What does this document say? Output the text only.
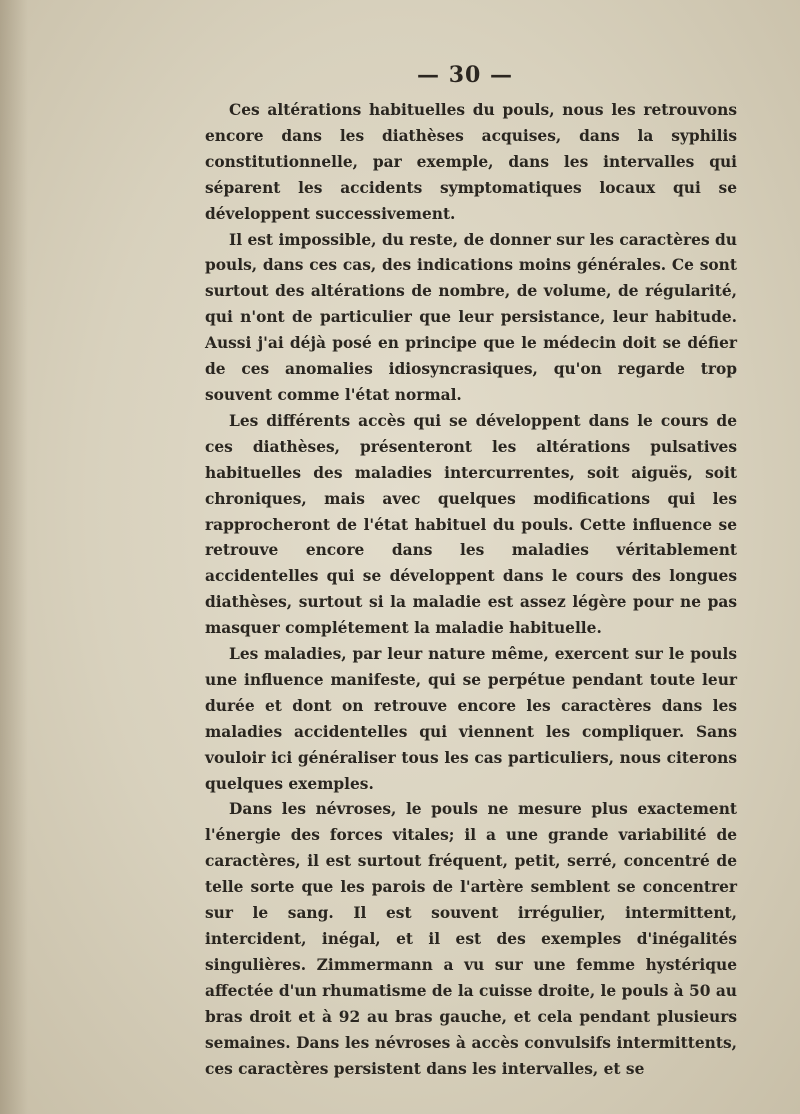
— 30 —

Ces altérations habituelles du pouls, nous les retrouvons encore dans les diathèses acquises, dans la syphilis constitutionnelle, par exemple, dans les intervalles qui séparent les accidents symptomatiques locaux qui se développent successivement.

Il est impossible, du reste, de donner sur les caractères du pouls, dans ces cas, des indications moins générales. Ce sont surtout des altérations de nombre, de volume, de régularité, qui n'ont de particulier que leur persistance, leur habitude. Aussi j'ai déjà posé en principe que le médecin doit se défier de ces anomalies idiosyncrasiques, qu'on regarde trop souvent comme l'état normal.

Les différents accès qui se développent dans le cours de ces diathèses, présenteront les altérations pulsatives habituelles des maladies intercurrentes, soit aiguës, soit chroniques, mais avec quelques modifications qui les rapprocheront de l'état habituel du pouls. Cette influence se retrouve encore dans les maladies véritablement accidentelles qui se développent dans le cours des longues diathèses, surtout si la maladie est assez légère pour ne pas masquer complétement la maladie habituelle.

Les maladies, par leur nature même, exercent sur le pouls une influence manifeste, qui se perpétue pendant toute leur durée et dont on retrouve encore les caractères dans les maladies accidentelles qui viennent les compliquer. Sans vouloir ici généraliser tous les cas particuliers, nous citerons quelques exemples.

Dans les névroses, le pouls ne mesure plus exactement l'énergie des forces vitales; il a une grande variabilité de caractères, il est surtout fréquent, petit, serré, concentré de telle sorte que les parois de l'artère semblent se concentrer sur le sang. Il est souvent irrégulier, intermittent, intercident, inégal, et il est des exemples d'inégalités singulières. Zimmermann a vu sur une femme hystérique affectée d'un rhumatisme de la cuisse droite, le pouls à 50 au bras droit et à 92 au bras gauche, et cela pendant plusieurs semaines. Dans les névroses à accès convulsifs intermittents, ces caractères persistent dans les intervalles, et se
